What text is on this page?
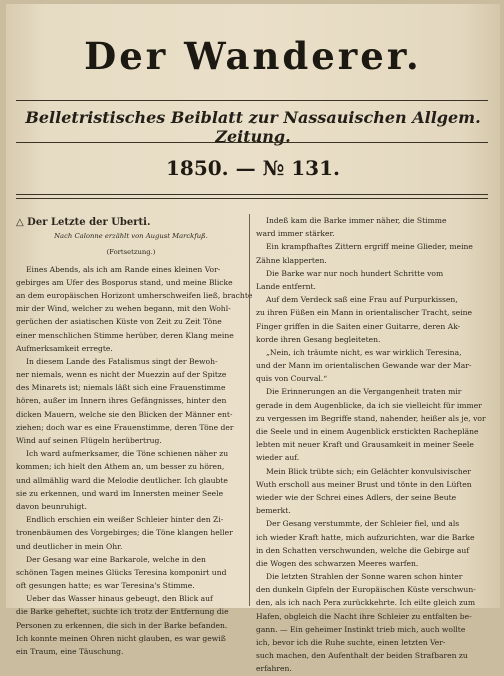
Der Wanderer.
Belletristisches Beiblatt zur Nassauischen Allgem. Zeitung.
1850. — № 131.
△ Der Letzte der Uberti.
Nach Calonne erzählt von August Marckfuß.
(Fortsetzung.)
Eines Abends, als ich am Rande eines kleinen Vor-
gebirges am Ufer des Bosporus stand, und meine Blicke
an dem europäischen Horizont umherschweifen ließ, brachte
mir der Wind, welcher zu wehen begann, mit den Wohl-
gerüchen der asiatischen Küste von Zeit zu Zeit Töne
einer menschlichen Stimme herüber, deren Klang meine
Aufmerksamkeit erregte.
In diesem Lande des Fatalismus singt der Bewoh-
ner niemals, wenn es nicht der Muezzin auf der Spitze
des Minarets ist; niemals läßt sich eine Frauenstimme
hören, außer im Innern ihres Gefängnisses, hinter den
dicken Mauern, welche sie den Blicken der Männer ent-
ziehen; doch war es eine Frauenstimme, deren Töne der
Wind auf seinen Flügeln herübertrug.
Ich ward aufmerksamer, die Töne schienen näher zu
kommen; ich hielt den Athem an, um besser zu hören,
und allmählig ward die Melodie deutlicher. Ich glaubte
sie zu erkennen, und ward im Innersten meiner Seele
davon beunruhigt.
Endlich erschien ein weißer Schleier hinter den Zi-
tronenbäumen des Vorgebirges; die Töne klangen heller
und deutlicher in mein Ohr.
Der Gesang war eine Barkarole, welche in den
schönen Tagen meines Glücks Teresina komponirt und
oft gesungen hatte; es war Teresina's Stimme.
Ueber das Wasser hinaus gebeugt, den Blick auf
die Barke geheftet, suchte ich trotz der Entfernung die
Personen zu erkennen, die sich in der Barke befanden.
Ich konnte meinen Ohren nicht glauben, es war gewiß
ein Traum, eine Täuschung.
Indeß kam die Barke immer näher, die Stimme
ward immer stärker.
Ein krampfhaftes Zittern ergriff meine Glieder, meine
Zähne klapperten.
Die Barke war nur noch hundert Schritte vom
Lande entfernt.
Auf dem Verdeck saß eine Frau auf Purpurkissen,
zu ihren Füßen ein Mann in orientalischer Tracht, seine
Finger griffen in die Saiten einer Guitarre, deren Ak-
korde ihren Gesang begleiteten.
„Nein, ich träumte nicht, es war wirklich Teresina,
und der Mann im orientalischen Gewande war der Mar-
quis von Courval.“
Die Erinnerungen an die Vergangenheit traten mir
gerade in dem Augenblicke, da ich sie vielleicht für immer
zu vergessen im Begriffe stand, nahender, heißer als je, vor
die Seele und in einem Augenblick erstickten Rachepläne
lebten mit neuer Kraft und Grausamkeit in meiner Seele
wieder auf.
Mein Blick trübte sich; ein Gelächter konvulsivischer
Wuth erscholl aus meiner Brust und tönte in den Lüften
wieder wie der Schrei eines Adlers, der seine Beute
bemerkt.
Der Gesang verstummte, der Schleier fiel, und als
ich wieder Kraft hatte, mich aufzurichten, war die Barke
in den Schatten verschwunden, welche die Gebirge auf
die Wogen des schwarzen Meeres warfen.
Die letzten Strahlen der Sonne waren schon hinter
den dunkeln Gipfeln der Europäischen Küste verschwun-
den, als ich nach Pera zurückkehrte. Ich eilte gleich zum
Hafen, obgleich die Nacht ihre Schleier zu entfalten be-
gann. — Ein geheimer Instinkt trieb mich, auch wollte
ich, bevor ich die Ruhe suchte, einen letzten Ver-
such machen, den Aufenthalt der beiden Strafbaren zu
erfahren.
